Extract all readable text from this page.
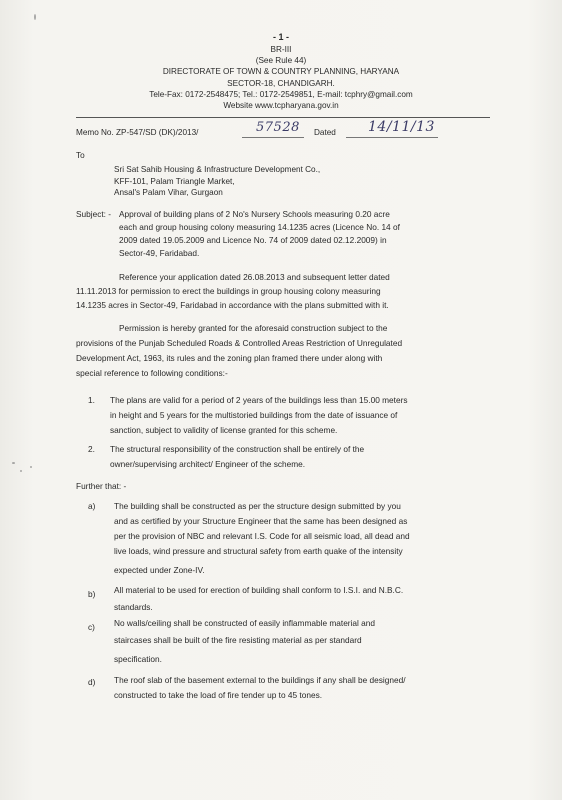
- 1 -
BR-III
(See Rule 44)
DIRECTORATE OF TOWN & COUNTRY PLANNING, HARYANA
SECTOR-18, CHANDIGARH.
Tele-Fax: 0172-2548475; Tel.: 0172-2549851, E-mail: tcphry@gmail.com
Website www.tcpharyana.gov.in
Memo No. ZP-547/SD (DK)/2013/	57528 Dated 14/11/13
To
Sri Sat Sahib Housing & Infrastructure Development Co.,
KFF-101, Palam Triangle Market,
Ansal's Palam Vihar, Gurgaon
Subject: - Approval of building plans of 2 No's Nursery Schools measuring 0.20 acre
each and group housing colony measuring 14.1235 acres (Licence No. 14 of
2009 dated 19.05.2009 and Licence No. 74 of 2009 dated 02.12.2009) in
Sector-49, Faridabad.
Reference your application dated 26.08.2013 and subsequent letter dated
11.11.2013 for permission to erect the buildings in group housing colony measuring
14.1235 acres in Sector-49, Faridabad in accordance with the plans submitted with it.
Permission is hereby granted for the aforesaid construction subject to the
provisions of the Punjab Scheduled Roads & Controlled Areas Restriction of Unregulated
Development Act, 1963, its rules and the zoning plan framed there under along with
special reference to following conditions:-
1. The plans are valid for a period of 2 years of the buildings less than 15.00 meters
in height and 5 years for the multistoried buildings from the date of issuance of
sanction, subject to validity of license granted for this scheme.
2. The structural responsibility of the construction shall be entirely of the
owner/supervising architect/ Engineer of the scheme.
Further that: -
a) The building shall be constructed as per the structure design submitted by you
and as certified by your Structure Engineer that the same has been designed as
per the provision of NBC and relevant I.S. Code for all seismic load, all dead and
live loads, wind pressure and structural safety from earth quake of the intensity
expected under Zone-IV.
b) All material to be used for erection of building shall conform to I.S.I. and N.B.C.
standards.
c) No walls/ceiling shall be constructed of easily inflammable material and
staircases shall be built of the fire resisting material as per standard
specification.
d) The roof slab of the basement external to the buildings if any shall be designed/
constructed to take the load of fire tender up to 45 tones.
